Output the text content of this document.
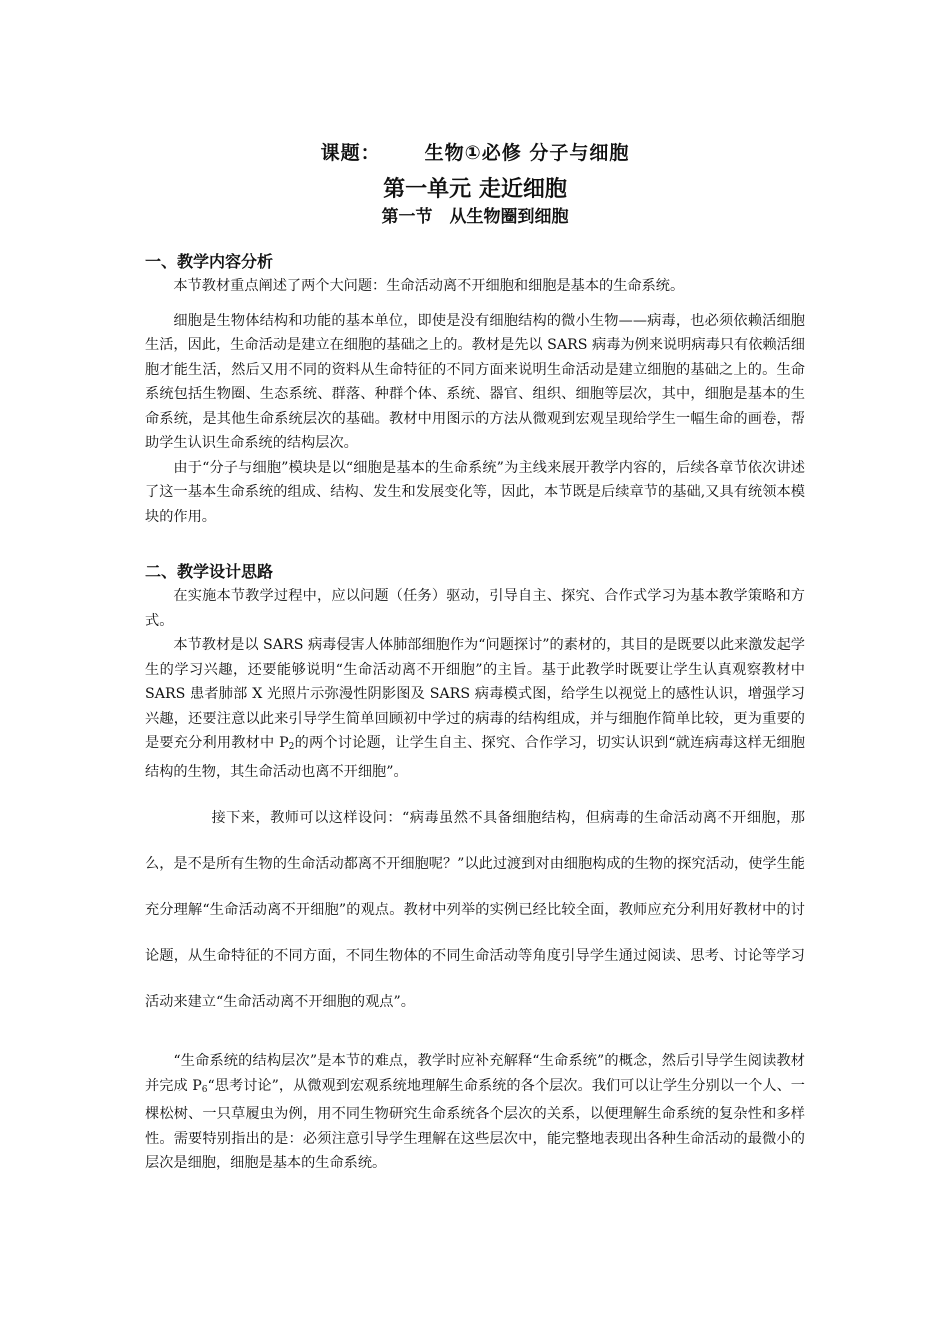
课题： 生物①必修 分子与细胞
第一单元 走近细胞
第一节　从生物圈到细胞

一、教学内容分析

本节教材重点阐述了两个大问题：生命活动离不开细胞和细胞是基本的生命系统。

细胞是生物体结构和功能的基本单位，即使是没有细胞结构的微小生物——病毒，也必须依赖活细胞生活，因此，生命活动是建立在细胞的基础之上的。教材是先以 SARS 病毒为例来说明病毒只有依赖活细胞才能生活，然后又用不同的资料从生命特征的不同方面来说明生命活动是建立细胞的基础之上的。生命系统包括生物圈、生态系统、群落、种群个体、系统、器官、组织、细胞等层次，其中，细胞是基本的生命系统，是其他生命系统层次的基础。教材中用图示的方法从微观到宏观呈现给学生一幅生命的画卷，帮助学生认识生命系统的结构层次。

由于“分子与细胞”模块是以“细胞是基本的生命系统”为主线来展开教学内容的，后续各章节依次讲述了这一基本生命系统的组成、结构、发生和发展变化等，因此，本节既是后续章节的基础,又具有统领本模块的作用。

二、教学设计思路

在实施本节教学过程中，应以问题（任务）驱动，引导自主、探究、合作式学习为基本教学策略和方式。

本节教材是以 SARS 病毒侵害人体肺部细胞作为“问题探讨”的素材的，其目的是既要以此来激发起学生的学习兴趣，还要能够说明“生命活动离不开细胞”的主旨。基于此教学时既要让学生认真观察教材中 SARS 患者肺部 X 光照片示弥漫性阴影图及 SARS 病毒模式图，给学生以视觉上的感性认识，增强学习兴趣，还要注意以此来引导学生简单回顾初中学过的病毒的结构组成，并与细胞作简单比较，更为重要的是要充分利用教材中 $P_2$的两个讨论题，让学生自主、探究、合作学习，切实认识到“就连病毒这样无细胞结构的生物，其生命活动也离不开细胞”。

接下来，教师可以这样设问：“病毒虽然不具备细胞结构，但病毒的生命活动离不开细胞，那么，是不是所有生物的生命活动都离不开细胞呢？”以此过渡到对由细胞构成的生物的探究活动，使学生能充分理解“生命活动离不开细胞”的观点。教材中列举的实例已经比较全面，教师应充分利用好教材中的讨论题，从生命特征的不同方面，不同生物体的不同生命活动等角度引导学生通过阅读、思考、讨论等学习活动来建立“生命活动离不开细胞的观点”。

“生命系统的结构层次”是本节的难点，教学时应补充解释“生命系统”的概念，然后引导学生阅读教材并完成 $P_6“$思考讨论”，从微观到宏观系统地理解生命系统的各个层次。我们可以让学生分别以一个人、一棵松树、一只草履虫为例，用不同生物研究生命系统各个层次的关系，以便理解生命系统的复杂性和多样性。需要特别指出的是：必须注意引导学生理解在这些层次中，能完整地表现出各种生命活动的最微小的层次是细胞，细胞是基本的生命系统。
